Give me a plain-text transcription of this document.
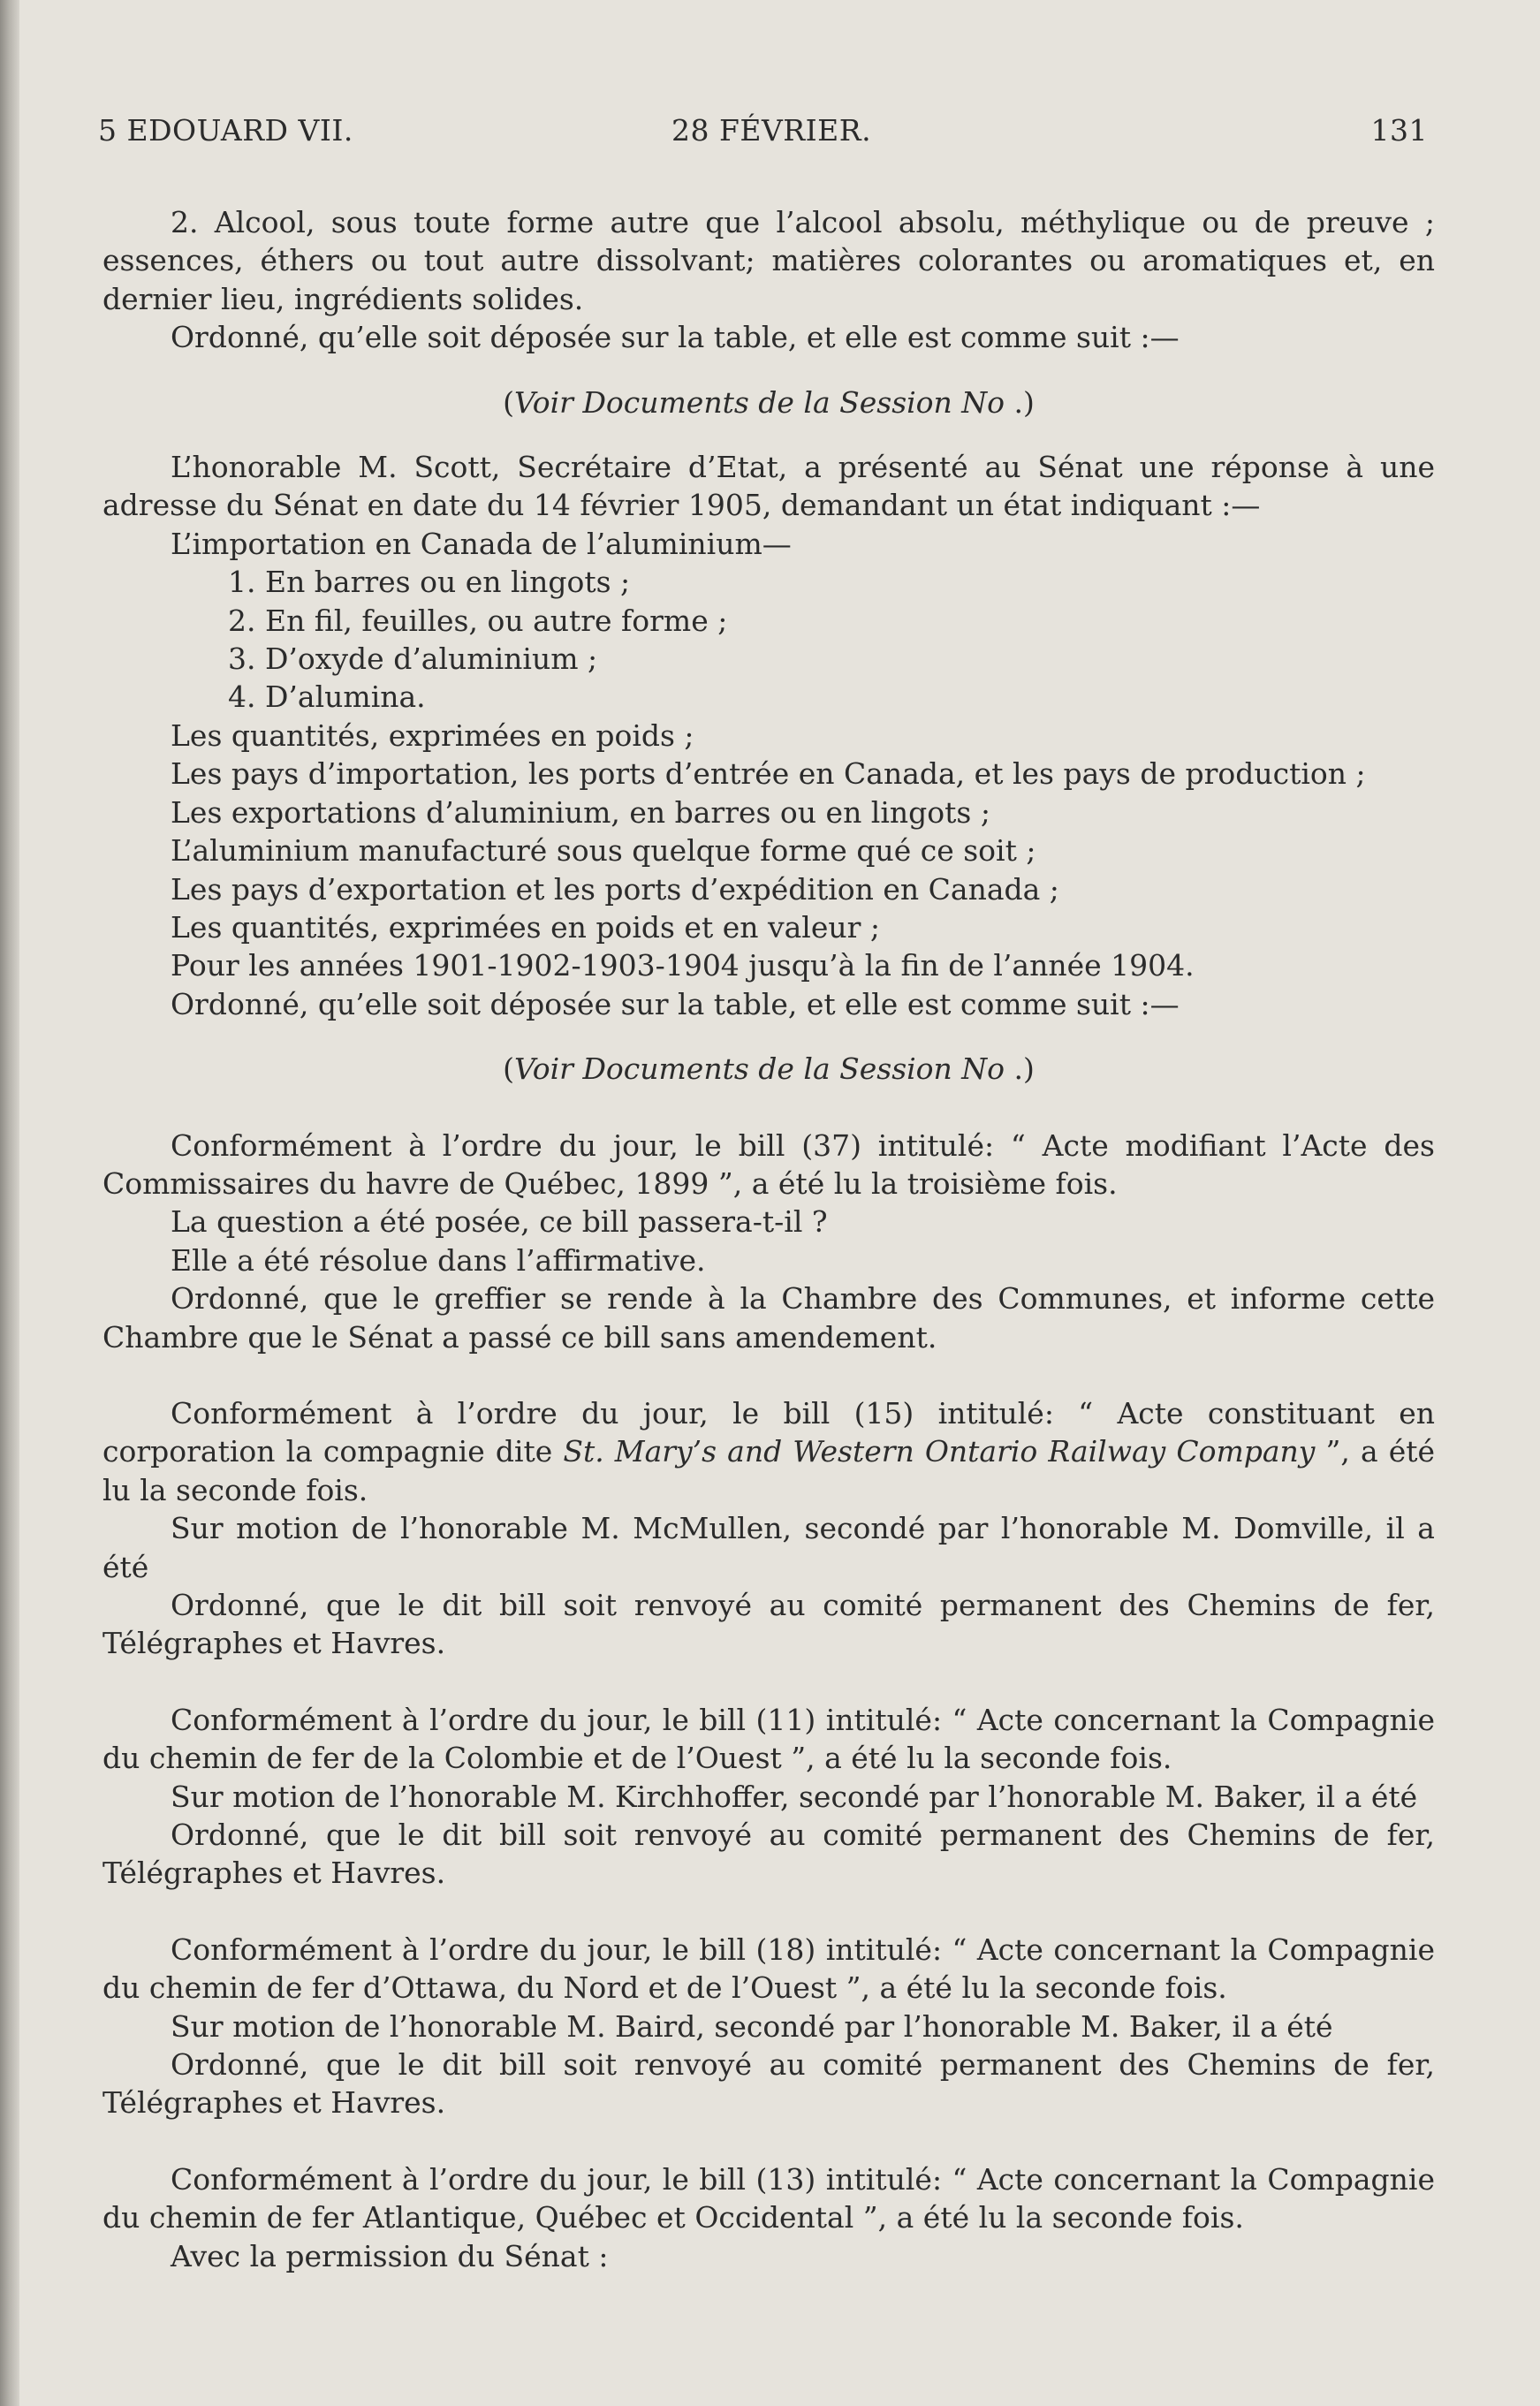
5 EDOUARD VII.	28 FÉVRIER.	131

2. Alcool, sous toute forme autre que l’alcool absolu, méthylique ou de preuve ; essences, éthers ou tout autre dissolvant; matières colorantes ou aromatiques et, en dernier lieu, ingrédients solides.

Ordonné, qu’elle soit déposée sur la table, et elle est comme suit :—

(Voir Documents de la Session No .)

L’honorable M. Scott, Secrétaire d’Etat, a présenté au Sénat une réponse à une adresse du Sénat en date du 14 février 1905, demandant un état indiquant :—

L’importation en Canada de l’aluminium—

1. En barres ou en lingots ;

2. En fil, feuilles, ou autre forme ;

3. D’oxyde d’aluminium ;

4. D’alumina.

Les quantités, exprimées en poids ;

Les pays d’importation, les ports d’entrée en Canada, et les pays de production ;

Les exportations d’aluminium, en barres ou en lingots ;

L’aluminium manufacturé sous quelque forme qué ce soit ;

Les pays d’exportation et les ports d’expédition en Canada ;

Les quantités, exprimées en poids et en valeur ;

Pour les années 1901-1902-1903-1904 jusqu’à la fin de l’année 1904.

Ordonné, qu’elle soit déposée sur la table, et elle est comme suit :—

(Voir Documents de la Session No .)

Conformément à l’ordre du jour, le bill (37) intitulé: “ Acte modifiant l’Acte des Commissaires du havre de Québec, 1899 ”, a été lu la troisième fois.

La question a été posée, ce bill passera-t-il ?

Elle a été résolue dans l’affirmative.

Ordonné, que le greffier se rende à la Chambre des Communes, et informe cette Chambre que le Sénat a passé ce bill sans amendement.

Conformément à l’ordre du jour, le bill (15) intitulé: “ Acte constituant en corporation la compagnie dite St. Mary’s and Western Ontario Railway Company ”, a été lu la seconde fois.

Sur motion de l’honorable M. McMullen, secondé par l’honorable M. Domville, il a été

Ordonné, que le dit bill soit renvoyé au comité permanent des Chemins de fer, Télégraphes et Havres.

Conformément à l’ordre du jour, le bill (11) intitulé: “ Acte concernant la Compagnie du chemin de fer de la Colombie et de l’Ouest ”, a été lu la seconde fois.

Sur motion de l’honorable M. Kirchhoffer, secondé par l’honorable M. Baker, il a été

Ordonné, que le dit bill soit renvoyé au comité permanent des Chemins de fer, Télégraphes et Havres.

Conformément à l’ordre du jour, le bill (18) intitulé: “ Acte concernant la Compagnie du chemin de fer d’Ottawa, du Nord et de l’Ouest ”, a été lu la seconde fois.

Sur motion de l’honorable M. Baird, secondé par l’honorable M. Baker, il a été

Ordonné, que le dit bill soit renvoyé au comité permanent des Chemins de fer, Télégraphes et Havres.

Conformément à l’ordre du jour, le bill (13) intitulé: “ Acte concernant la Compagnie du chemin de fer Atlantique, Québec et Occidental ”, a été lu la seconde fois.

Avec la permission du Sénat :
